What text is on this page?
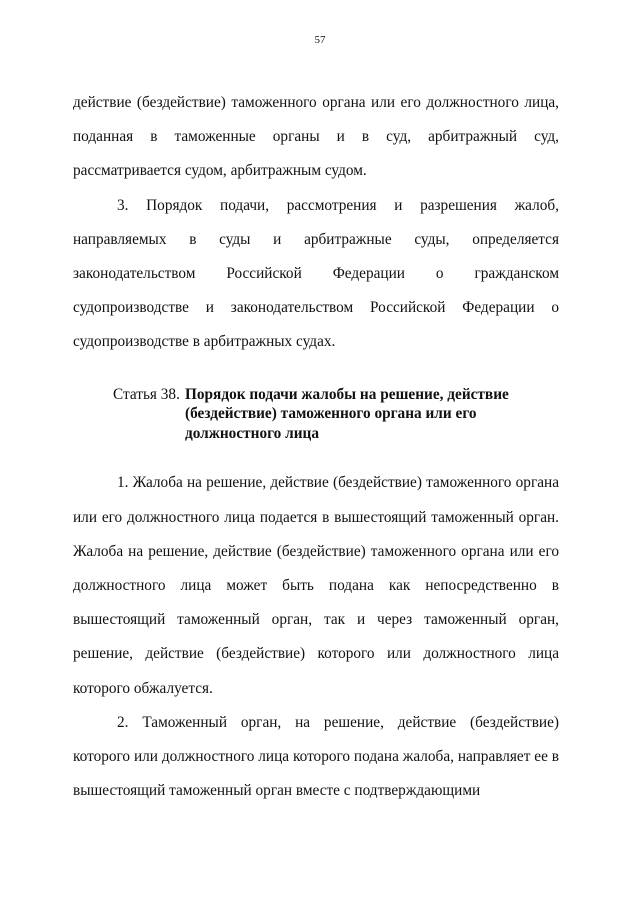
57

действие (бездействие) таможенного органа или его должностного лица, поданная в таможенные органы и в суд, арбитражный суд, рассматривается судом, арбитражным судом.

3. Порядок подачи, рассмотрения и разрешения жалоб, направляемых в суды и арбитражные суды, определяется законодательством Российской Федерации о гражданском судопроизводстве и законодательством Российской Федерации о судопроизводстве в арбитражных судах.

Статья 38. Порядок подачи жалобы на решение, действие
(бездействие) таможенного органа или его
должностного лица

1. Жалоба на решение, действие (бездействие) таможенного органа или его должностного лица подается в вышестоящий таможенный орган. Жалоба на решение, действие (бездействие) таможенного органа или его должностного лица может быть подана как непосредственно в вышестоящий таможенный орган, так и через таможенный орган, решение, действие (бездействие) которого или должностного лица которого обжалуется.

2. Таможенный орган, на решение, действие (бездействие) которого или должностного лица которого подана жалоба, направляет ее в вышестоящий таможенный орган вместе с подтверждающими
